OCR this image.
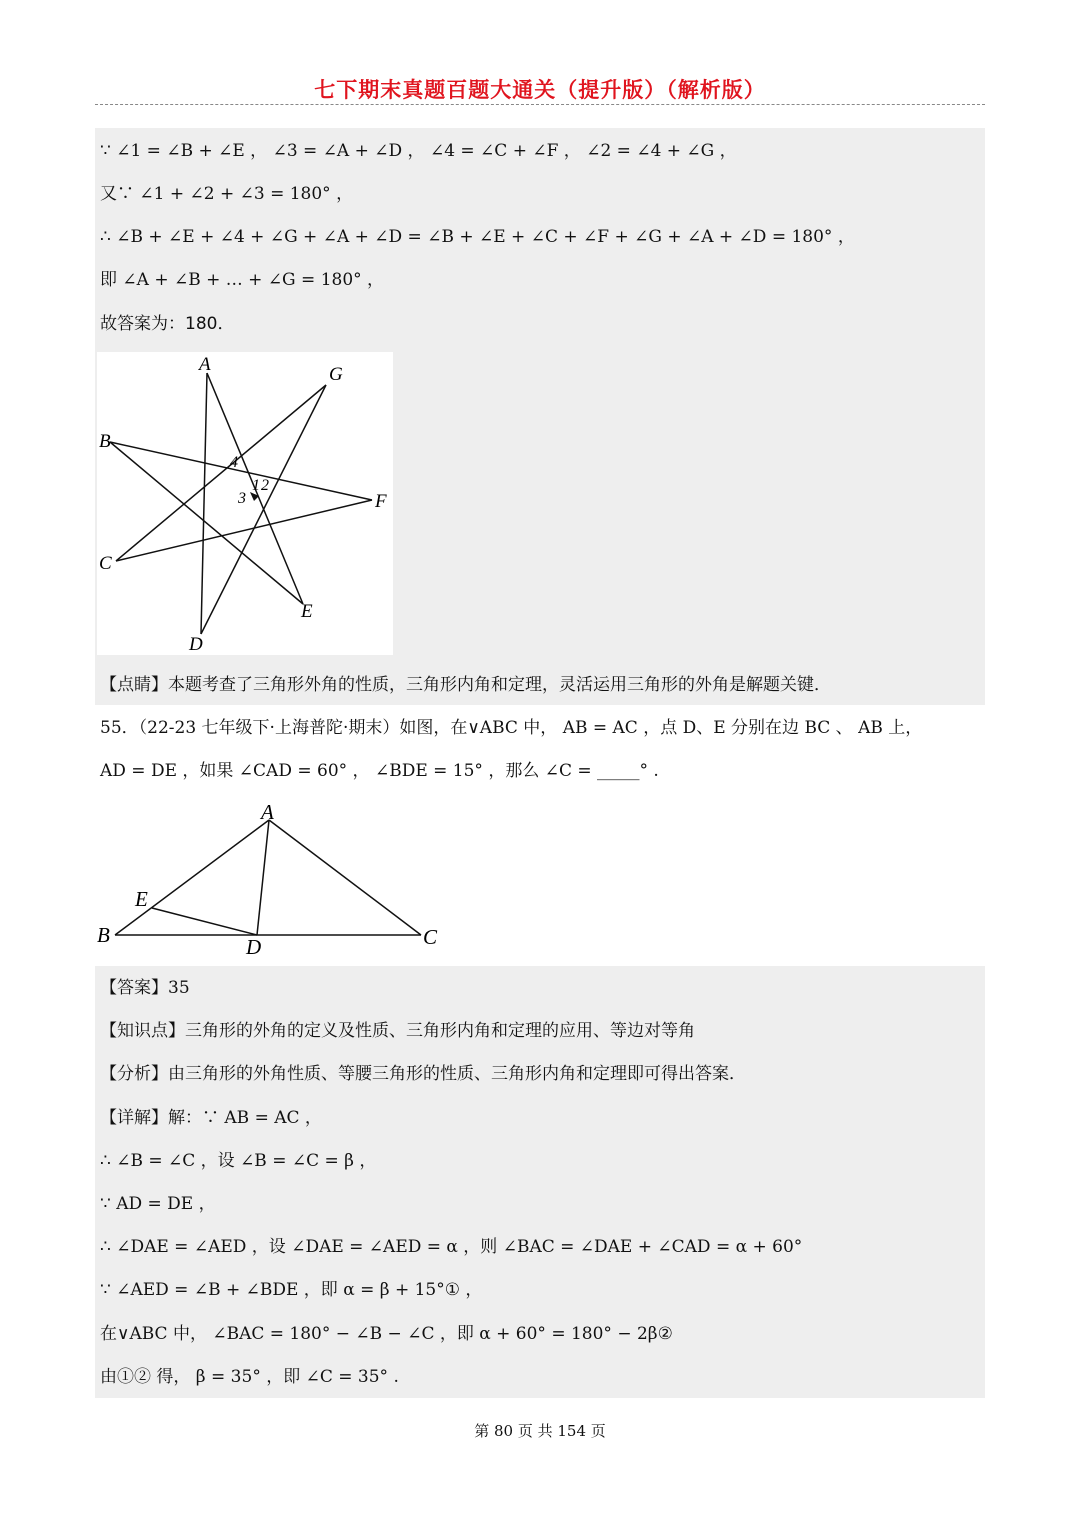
七下期末真题百题大通关（提升版）（解析版）
∵ ∠1 = ∠B + ∠E ， ∠3 = ∠A + ∠D ， ∠4 = ∠C + ∠F ， ∠2 = ∠4 + ∠G ，
又∵ ∠1 + ∠2 + ∠3 = 180° ，
∴ ∠B + ∠E + ∠4 + ∠G + ∠A + ∠D = ∠B + ∠E + ∠C + ∠F + ∠G + ∠A + ∠D = 180° ，
即 ∠A + ∠B + … + ∠G = 180° ，
故答案为：180．
A	G
B
F
C
E
D
4
1 2
3
【点睛】本题考查了三角形外角的性质，三角形内角和定理，灵活运用三角形的外角是解题关键．
55．（22-23 七年级下·上海普陀·期末）如图，在∨ABC 中， AB = AC ，点 D、E 分别在边 BC 、 AB 上，
AD = DE ，如果 ∠CAD = 60° ， ∠BDE = 15° ，那么 ∠C = _____° .
A
E
B	D	C
【答案】35
【知识点】三角形的外角的定义及性质、三角形内角和定理的应用、等边对等角
【分析】由三角形的外角性质、等腰三角形的性质、三角形内角和定理即可得出答案．
【详解】解：∵ AB = AC ，
∴ ∠B = ∠C ，设 ∠B = ∠C = β ，
∵ AD = DE ，
∴ ∠DAE = ∠AED ，设 ∠DAE = ∠AED = α ，则 ∠BAC = ∠DAE + ∠CAD = α + 60°
∵ ∠AED = ∠B + ∠BDE ，即 α = β + 15°① ，
在∨ABC 中， ∠BAC = 180° − ∠B − ∠C ，即 α + 60° = 180° − 2β②
由①② 得， β = 35° ，即 ∠C = 35° .
第 80 页 共 154 页
